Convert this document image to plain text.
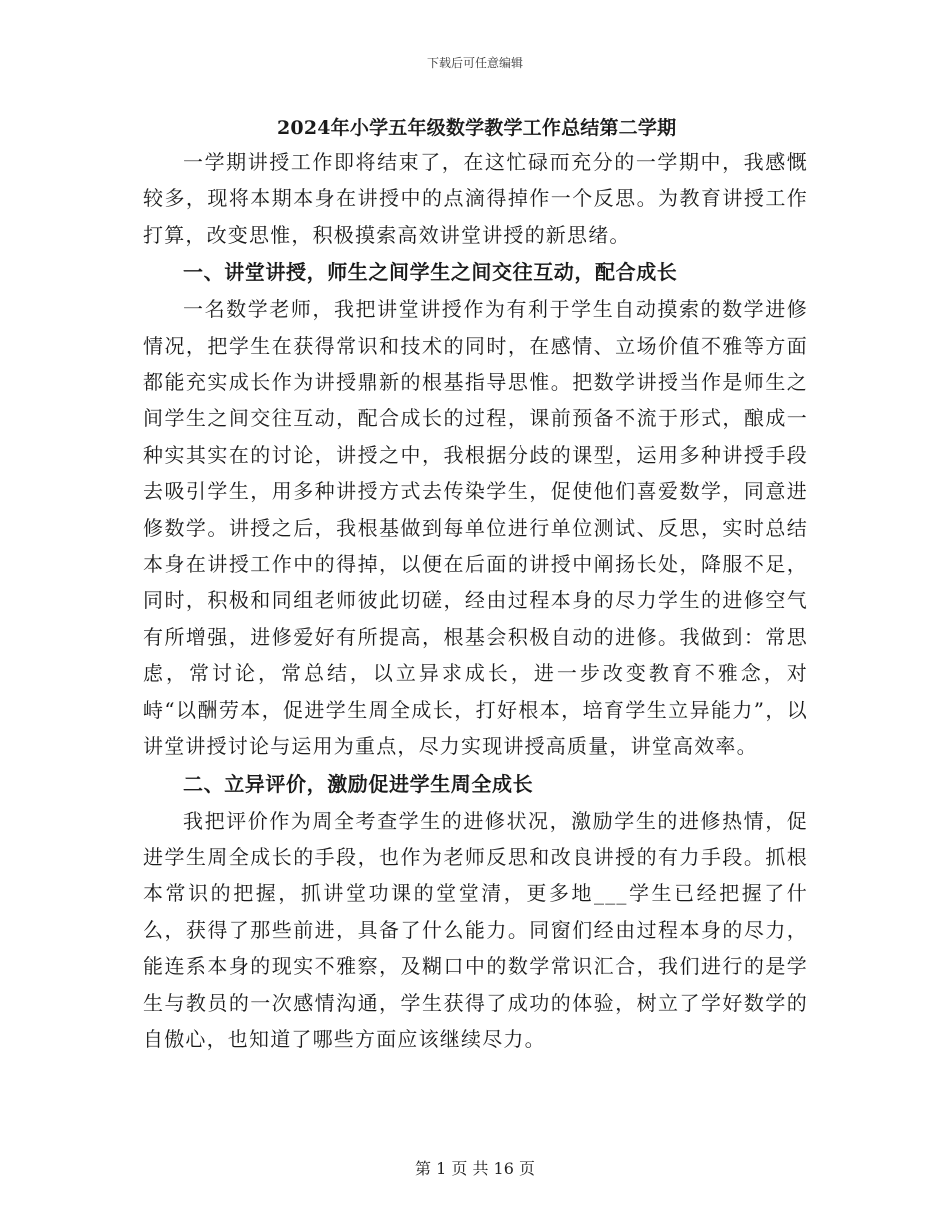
下载后可任意编辑
2024年小学五年级数学教学工作总结第二学期

一学期讲授工作即将结束了，在这忙碌而充分的一学期中，我感慨较多，现将本期本身在讲授中的点滴得掉作一个反思。为教育讲授工作打算，改变思惟，积极摸索高效讲堂讲授的新思绪。

一、讲堂讲授，师生之间学生之间交往互动，配合成长

一名数学老师，我把讲堂讲授作为有利于学生自动摸索的数学进修情况，把学生在获得常识和技术的同时，在感情、立场价值不雅等方面都能充实成长作为讲授鼎新的根基指导思惟。把数学讲授当作是师生之间学生之间交往互动，配合成长的过程，课前预备不流于形式，酿成一种实其实在的讨论，讲授之中，我根据分歧的课型，运用多种讲授手段去吸引学生，用多种讲授方式去传染学生，促使他们喜爱数学，同意进修数学。讲授之后，我根基做到每单位进行单位测试、反思，实时总结本身在讲授工作中的得掉，以便在后面的讲授中阐扬长处，降服不足，同时，积极和同组老师彼此切磋，经由过程本身的尽力学生的进修空气有所增强，进修爱好有所提高，根基会积极自动的进修。我做到：常思虑，常讨论，常总结，以立异求成长，进一步改变教育不雅念，对峙“以酬劳本，促进学生周全成长，打好根本，培育学生立异能力”，以讲堂讲授讨论与运用为重点，尽力实现讲授高质量，讲堂高效率。

二、立异评价，激励促进学生周全成长

我把评价作为周全考查学生的进修状况，激励学生的进修热情，促进学生周全成长的手段，也作为老师反思和改良讲授的有力手段。抓根本常识的把握，抓讲堂功课的堂堂清，更多地___学生已经把握了什么，获得了那些前进，具备了什么能力。同窗们经由过程本身的尽力，能连系本身的现实不雅察，及糊口中的数学常识汇合，我们进行的是学生与教员的一次感情沟通，学生获得了成功的体验，树立了学好数学的自傲心，也知道了哪些方面应该继续尽力。

第 1 页 共 16 页
